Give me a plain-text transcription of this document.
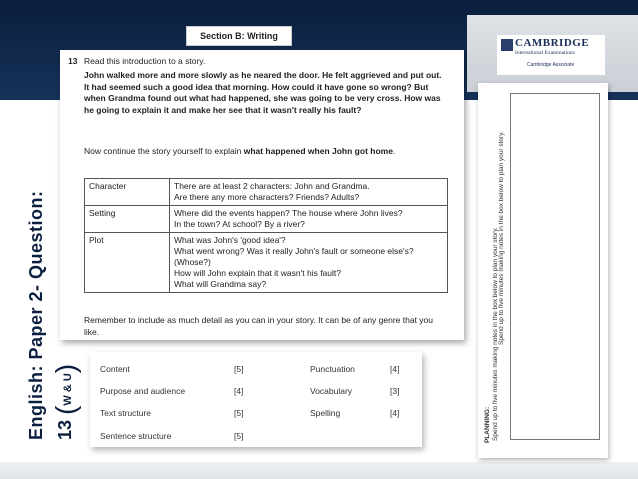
English: Paper 2- Question: 13 (W & U)
Section B: Writing
13 Read this introduction to a story.
John walked more and more slowly as he neared the door. He felt aggrieved and put out. It had seemed such a good idea that morning. How could it have gone so wrong? But when Grandma found out what had happened, she was going to be very cross. How was he going to explain it and make her see that it wasn't really his fault?
Now continue the story yourself to explain what happened when John got home.
Character	There are at least 2 characters: John and Grandma.
Are there any more characters? Friends? Adults?

Setting	Where did the events happen? The house where John lives?
In the town? At school? By a river?

Plot	What was John's 'good idea'?
What went wrong? Was it really John's fault or someone else's? (Whose?)
How will John explain that it wasn't his fault?
What will Grandma say?
Remember to include as much detail as you can in your story. It can be of any genre that you like.
Content	[5]
Purpose and audience	[4]
Text structure	[5]
Sentence structure	[5]
Punctuation	[4]
Vocabulary	[3]
Spelling	[4]
CAMBRIDGE
International Examinations
Cambridge Associate
PLANNING: Spend up to five minutes making notes in the box below to plan your story. Spend up to five minutes making notes in the box below to plan your story.
